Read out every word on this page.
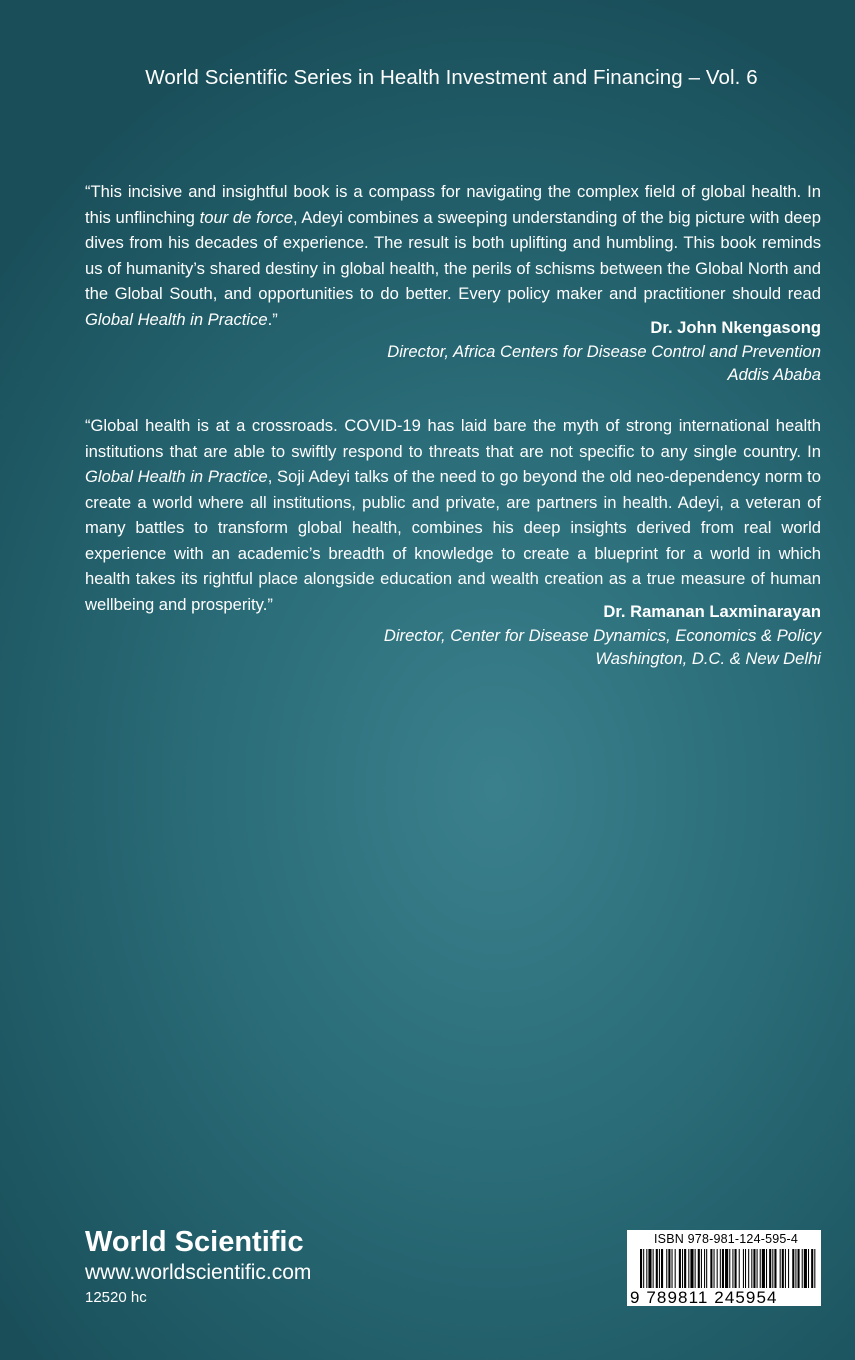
World Scientific Series in Health Investment and Financing – Vol. 6
“This incisive and insightful book is a compass for navigating the complex field of global health. In this unflinching tour de force, Adeyi combines a sweeping understanding of the big picture with deep dives from his decades of experience. The result is both uplifting and humbling. This book reminds us of humanity’s shared destiny in global health, the perils of schisms between the Global North and the Global South, and opportunities to do better. Every policy maker and practitioner should read Global Health in Practice.”	Dr. John Nkengasong
Director, Africa Centers for Disease Control and Prevention
Addis Ababa
“Global health is at a crossroads. COVID-19 has laid bare the myth of strong international health institutions that are able to swiftly respond to threats that are not specific to any single country. In Global Health in Practice, Soji Adeyi talks of the need to go beyond the old neo-dependency norm to create a world where all institutions, public and private, are partners in health. Adeyi, a veteran of many battles to transform global health, combines his deep insights derived from real world experience with an academic’s breadth of knowledge to create a blueprint for a world in which health takes its rightful place alongside education and wealth creation as a true measure of human wellbeing and prosperity.”	Dr. Ramanan Laxminarayan
Director, Center for Disease Dynamics, Economics & Policy
Washington, D.C. & New Delhi
World Scientific
www.worldscientific.com
12520 hc
ISBN 978-981-124-595-4
9 789811 245954
